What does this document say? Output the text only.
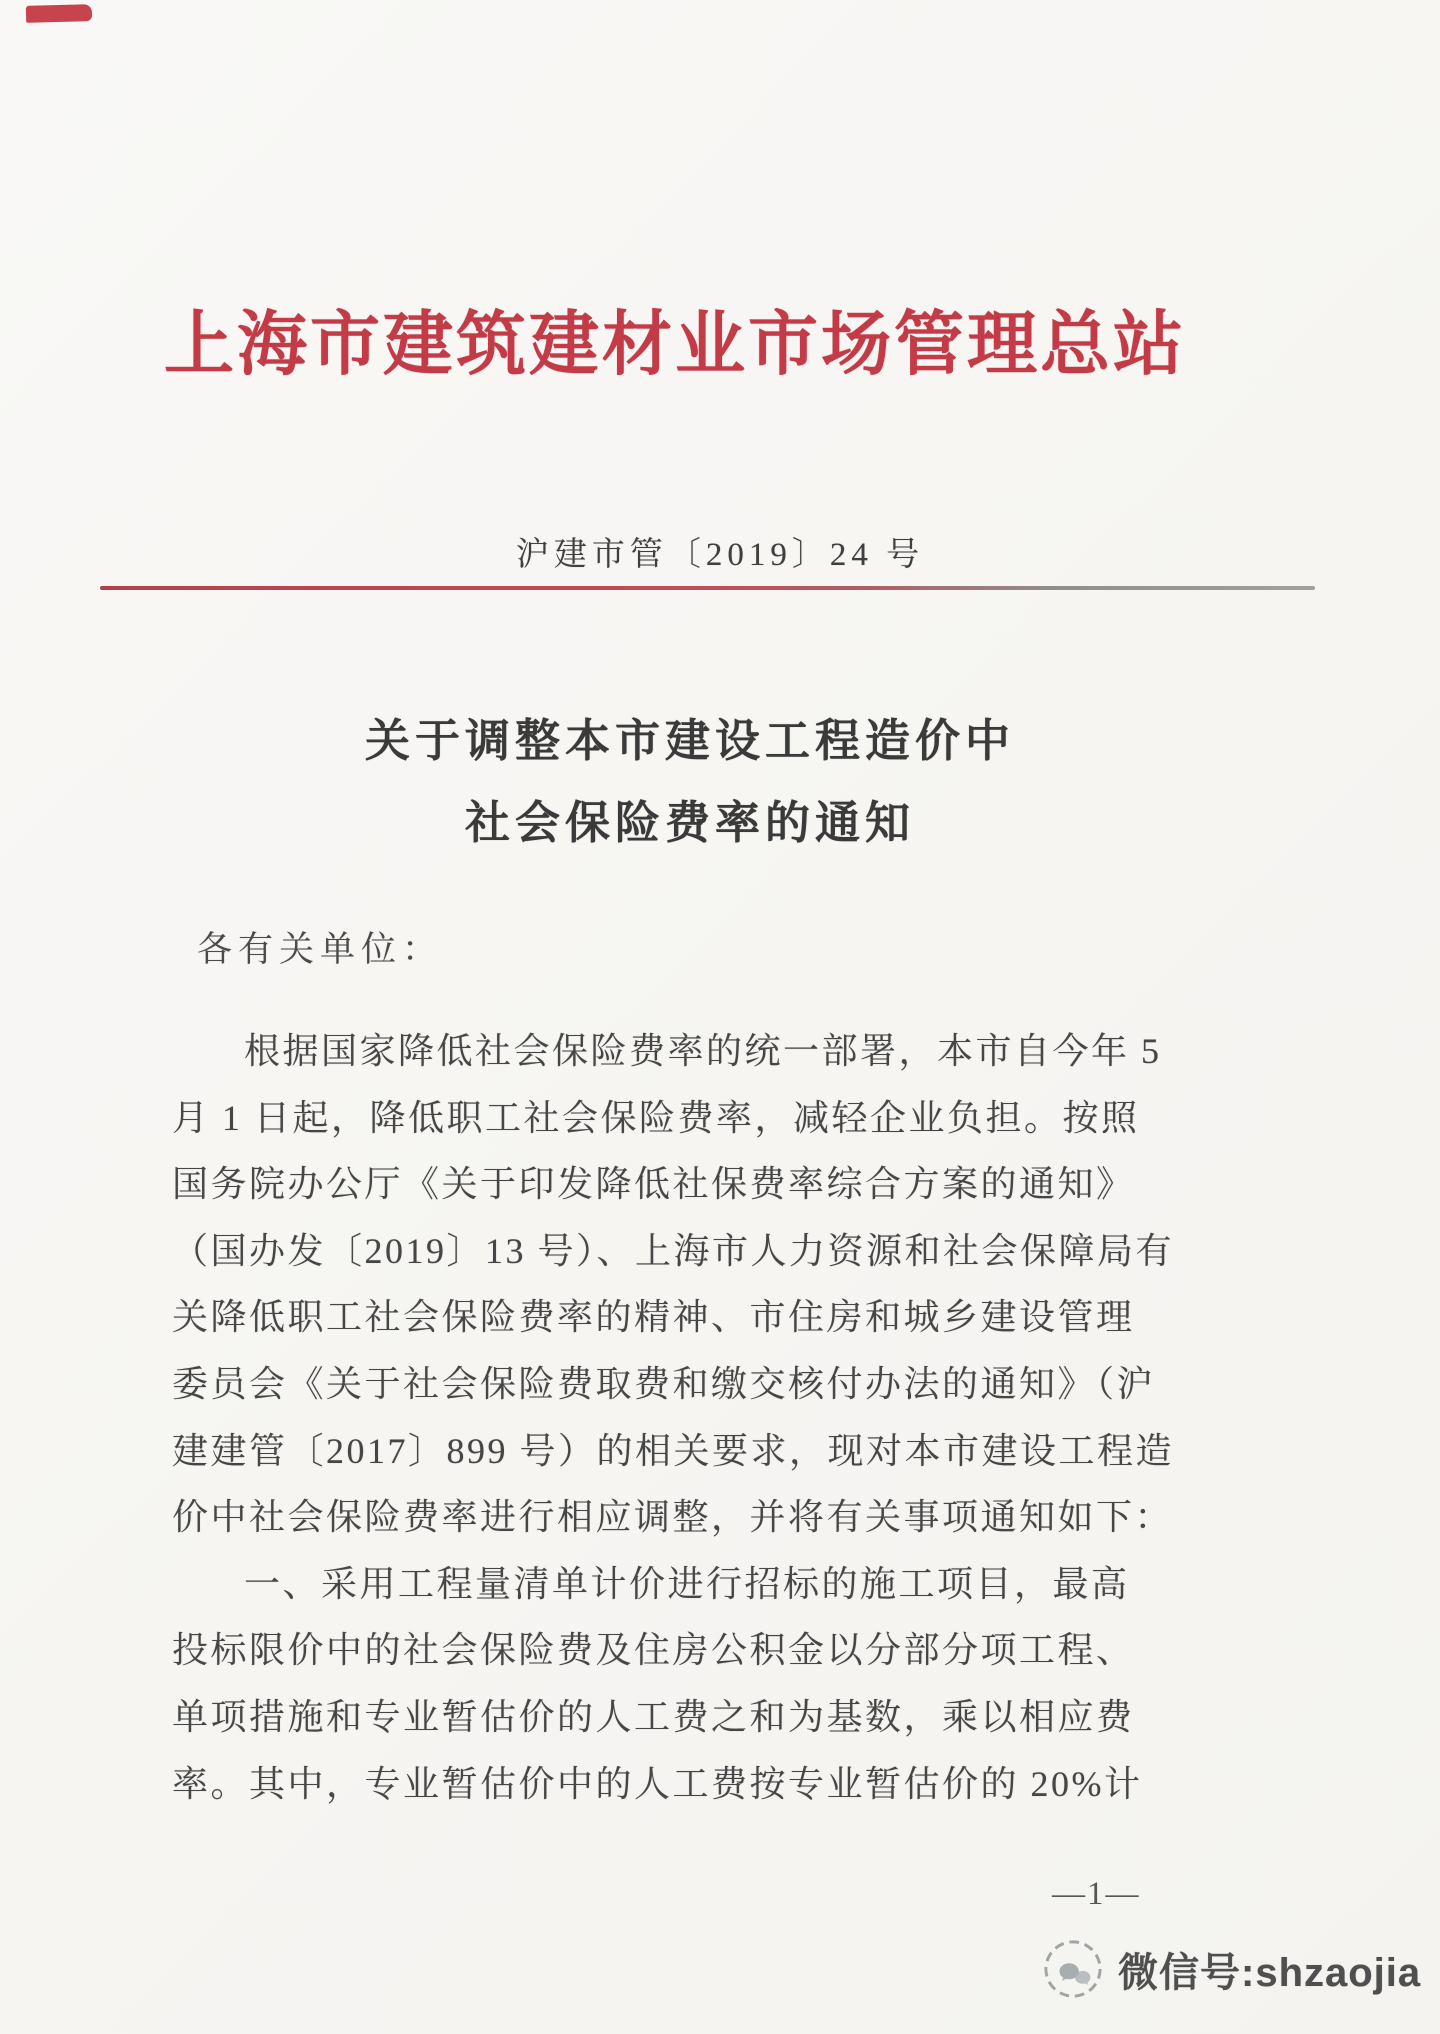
上海市建筑建材业市场管理总站
沪建市管〔2019〕24 号
关于调整本市建设工程造价中
社会保险费率的通知
各有关单位：
根据国家降低社会保险费率的统一部署，本市自今年 5
月 1 日起，降低职工社会保险费率，减轻企业负担。按照
国务院办公厅《关于印发降低社保费率综合方案的通知》
（国办发〔2019〕13 号）、上海市人力资源和社会保障局有
关降低职工社会保险费率的精神、市住房和城乡建设管理
委员会《关于社会保险费取费和缴交核付办法的通知》（沪
建建管〔2017〕899 号）的相关要求，现对本市建设工程造
价中社会保险费率进行相应调整，并将有关事项通知如下：
一、采用工程量清单计价进行招标的施工项目，最高
投标限价中的社会保险费及住房公积金以分部分项工程、
单项措施和专业暂估价的人工费之和为基数，乘以相应费
率。其中，专业暂估价中的人工费按专业暂估价的 20%计
—1—
微信号:shzaojia
